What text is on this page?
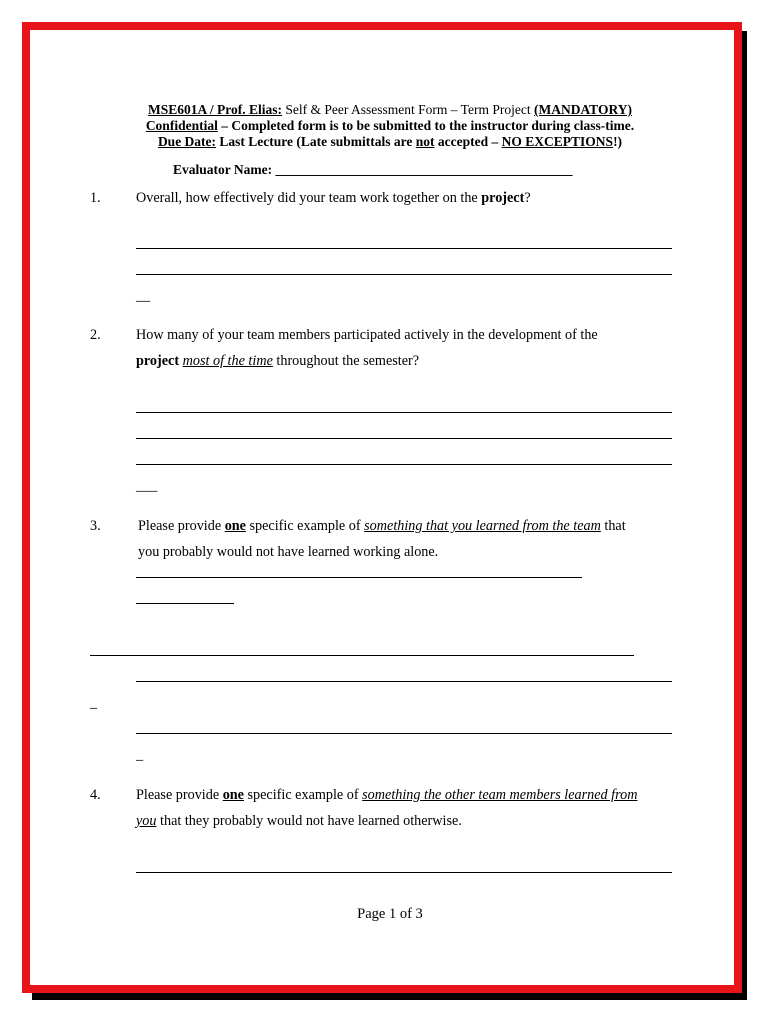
MSE601A / Prof. Elias: Self & Peer Assessment Form – Term Project (MANDATORY)
Confidential – Completed form is to be submitted to the instructor during class-time.
Due Date: Last Lecture (Late submittals are not accepted – NO EXCEPTIONS!)
Evaluator Name: ____________________________________________
1. Overall, how effectively did your team work together on the project?
__
2. How many of your team members participated actively in the development of the
project most of the time throughout the semester?
___
3.	Please provide one specific example of something that you learned from the team that
you probably would not have learned working alone.
_
_
4. Please provide one specific example of something the other team members learned from
you that they probably would not have learned otherwise.
Page 1 of 3
